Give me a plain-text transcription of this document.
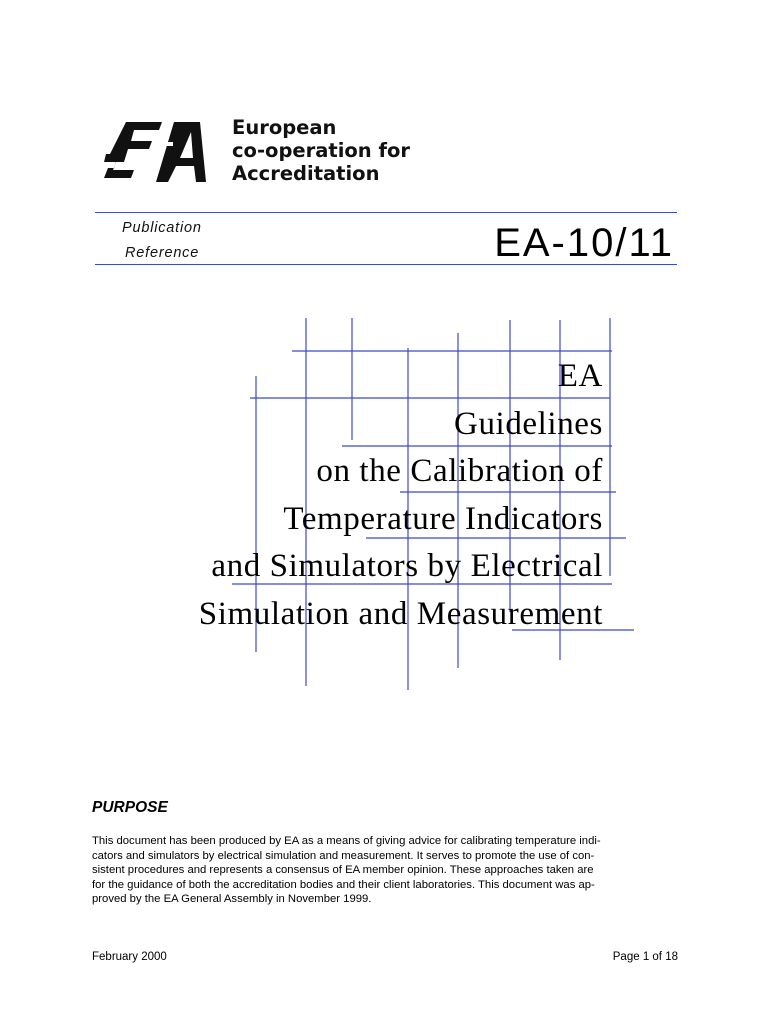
European
co-operation for
Accreditation
Publication
Reference	EA-10/11
EA
Guidelines
on the Calibration of
Temperature Indicators
and Simulators by Electrical
Simulation and Measurement
PURPOSE
This document has been produced by EA as a means of giving advice for calibrating temperature indi-
cators and simulators by electrical simulation and measurement. It serves to promote the use of con-
sistent procedures and represents a consensus of EA member opinion. These approaches taken are
for the guidance of both the accreditation bodies and their client laboratories. This document was ap-
proved by the EA General Assembly in November 1999.
February 2000	Page 1 of 18
